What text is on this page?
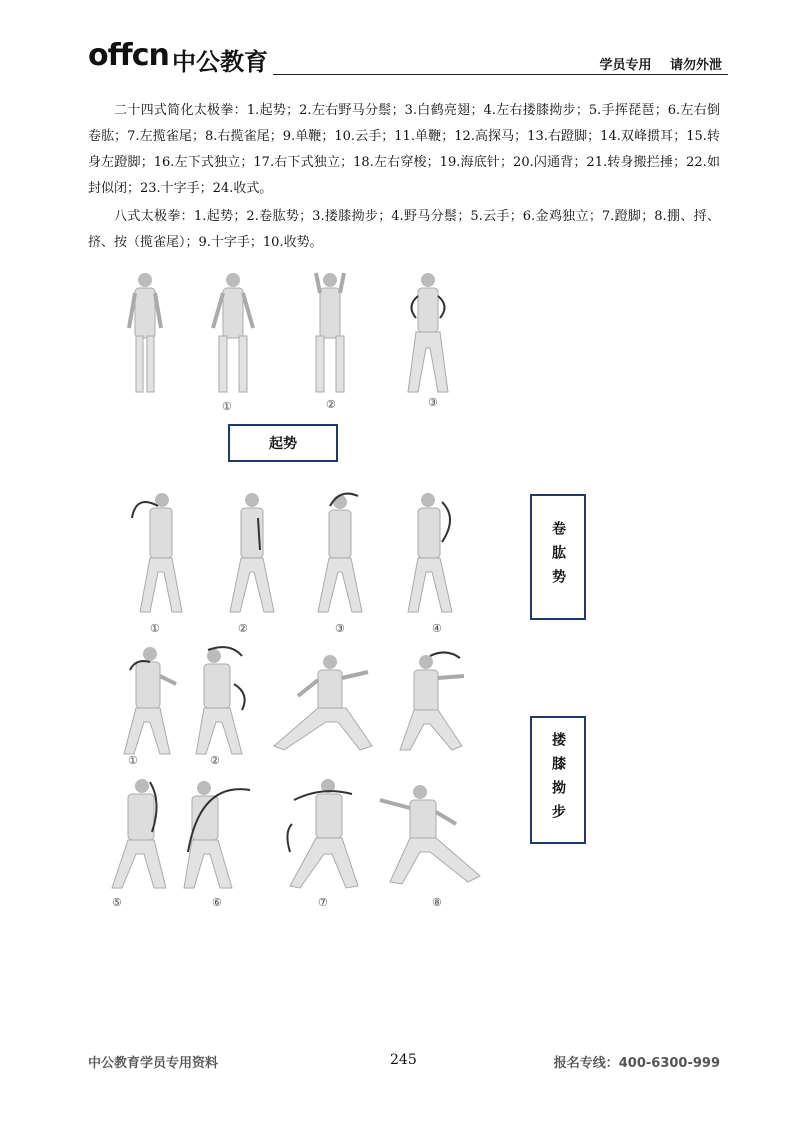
offcn 中公教育	学员专用 请勿外泄
二十四式简化太极拳：1.起势；2.左右野马分鬃；3.白鹤亮翅；4.左右搂膝拗步；5.手挥琵琶；6.左右倒卷肱；7.左揽雀尾；8.右揽雀尾；9.单鞭；10.云手；11.单鞭；12.高探马；13.右蹬脚；14.双峰掼耳；15.转身左蹬脚；16.左下式独立；17.右下式独立；18.左右穿梭；19.海底针；20.闪通背；21.转身搬拦捶；22.如封似闭；23.十字手；24.收式。
八式太极拳：1.起势；2.卷肱势；3.搂膝拗步；4.野马分鬃；5.云手；6.金鸡独立；7.蹬脚；8.掤、捋、挤、按（揽雀尾）；9.十字手；10.收势。
①	②	③
起势
①	②	③	④
卷肱势
①	②
⑤	⑥	⑦	⑧
搂膝拗步
中公教育学员专用资料	245	报名专线：400-6300-999
